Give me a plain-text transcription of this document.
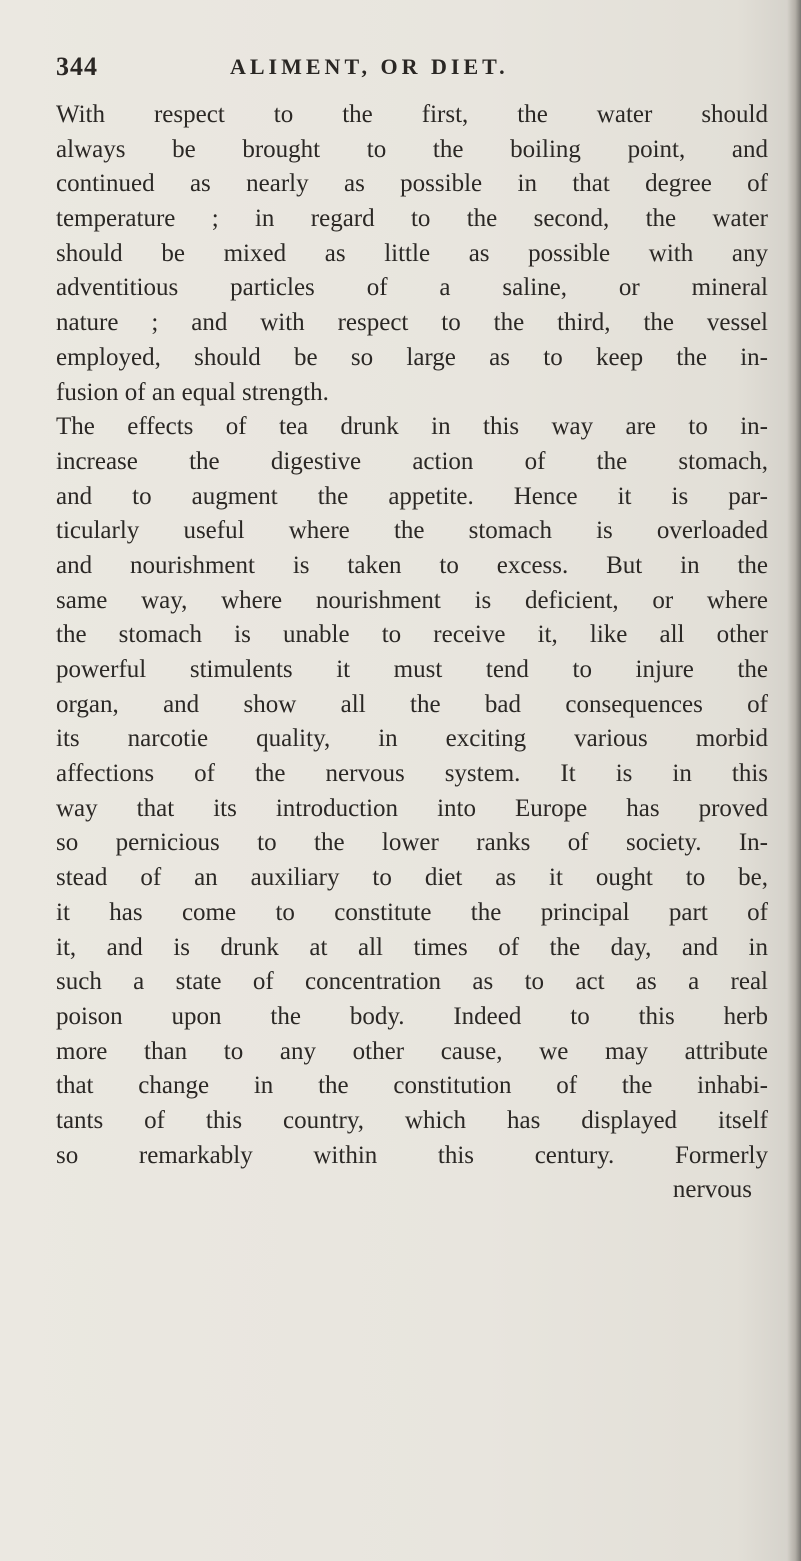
344	ALIMENT, OR DIET.
With respect to the first, the water should
always be brought to the boiling point, and
continued as nearly as possible in that degree of
temperature ; in regard to the second, the water
should be mixed as little as possible with any
adventitious particles of a saline, or mineral
nature ; and with respect to the third, the vessel
employed, should be so large as to keep the in-
fusion of an equal strength.
The effects of tea drunk in this way are to in-
increase the digestive action of the stomach,
and to augment the appetite. Hence it is par-
ticularly useful where the stomach is overloaded
and nourishment is taken to excess. But in the
same way, where nourishment is deficient, or where
the stomach is unable to receive it, like all other
powerful stimulents it must tend to injure the
organ, and show all the bad consequences of
its narcotie quality, in exciting various morbid
affections of the nervous system. It is in this
way that its introduction into Europe has proved
so pernicious to the lower ranks of society. In-
stead of an auxiliary to diet as it ought to be,
it has come to constitute the principal part of
it, and is drunk at all times of the day, and in
such a state of concentration as to act as a real
poison upon the body. Indeed to this herb
more than to any other cause, we may attribute
that change in the constitution of the inhabi-
tants of this country, which has displayed itself
so remarkably within this century. Formerly
nervous
